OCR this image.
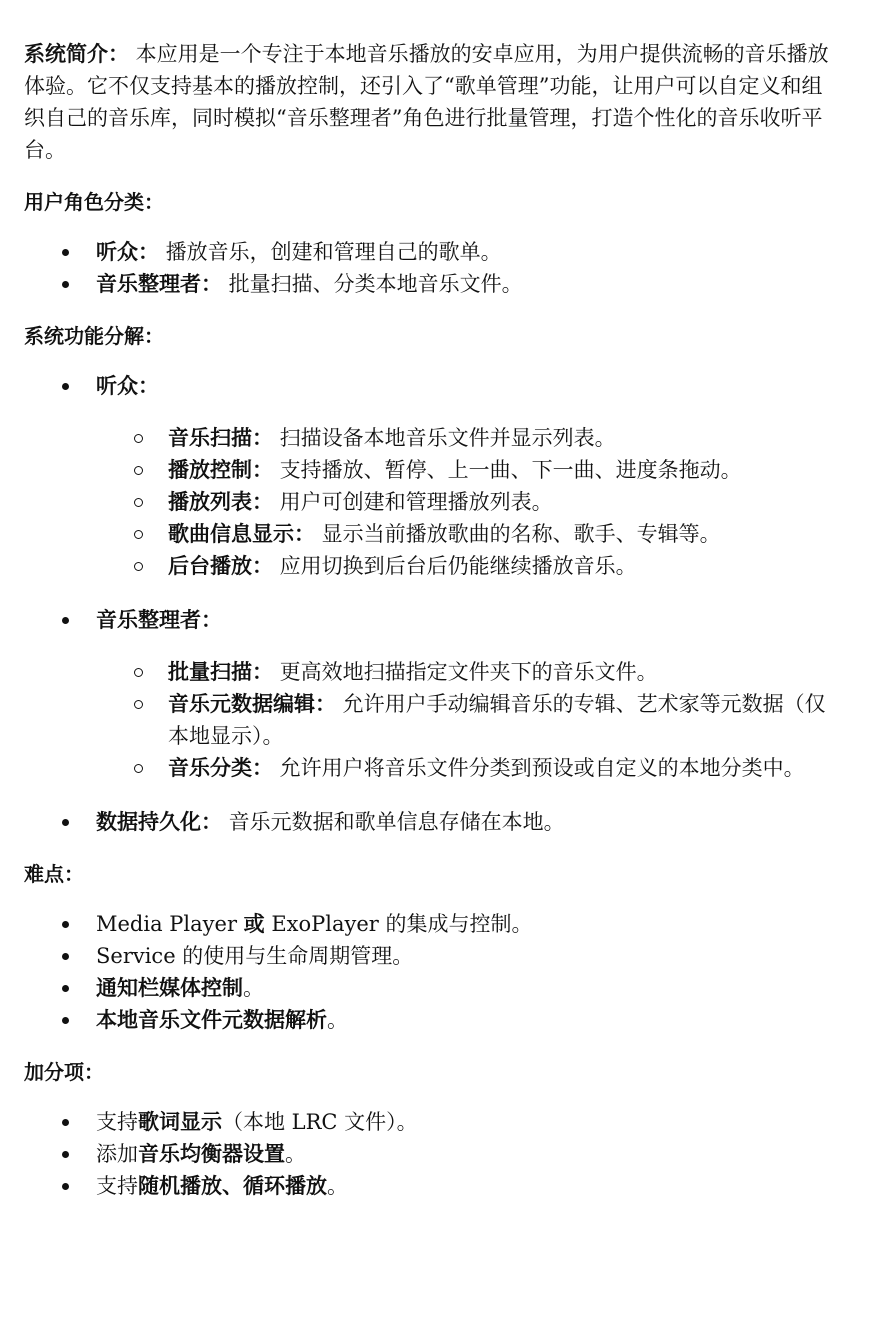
系统简介： 本应用是一个专注于本地音乐播放的安卓应用，为用户提供流畅的音乐播放体验。它不仅支持基本的播放控制，还引入了“歌单管理”功能，让用户可以自定义和组织自己的音乐库，同时模拟“音乐整理者”角色进行批量管理，打造个性化的音乐收听平台。

用户角色分类：
听众： 播放音乐，创建和管理自己的歌单。
音乐整理者： 批量扫描、分类本地音乐文件。
系统功能分解：
听众：
音乐扫描： 扫描设备本地音乐文件并显示列表。
播放控制： 支持播放、暂停、上一曲、下一曲、进度条拖动。
播放列表： 用户可创建和管理播放列表。
歌曲信息显示： 显示当前播放歌曲的名称、歌手、专辑等。
后台播放： 应用切换到后台后仍能继续播放音乐。
音乐整理者：
批量扫描： 更高效地扫描指定文件夹下的音乐文件。
音乐元数据编辑： 允许用户手动编辑音乐的专辑、艺术家等元数据（仅本地显示）。
音乐分类： 允许用户将音乐文件分类到预设或自定义的本地分类中。
数据持久化： 音乐元数据和歌单信息存储在本地。
难点：
Media Player 或 ExoPlayer 的集成与控制。
Service 的使用与生命周期管理。
通知栏媒体控制。
本地音乐文件元数据解析。
加分项：
支持歌词显示（本地 LRC 文件）。
添加音乐均衡器设置。
支持随机播放、循环播放。
